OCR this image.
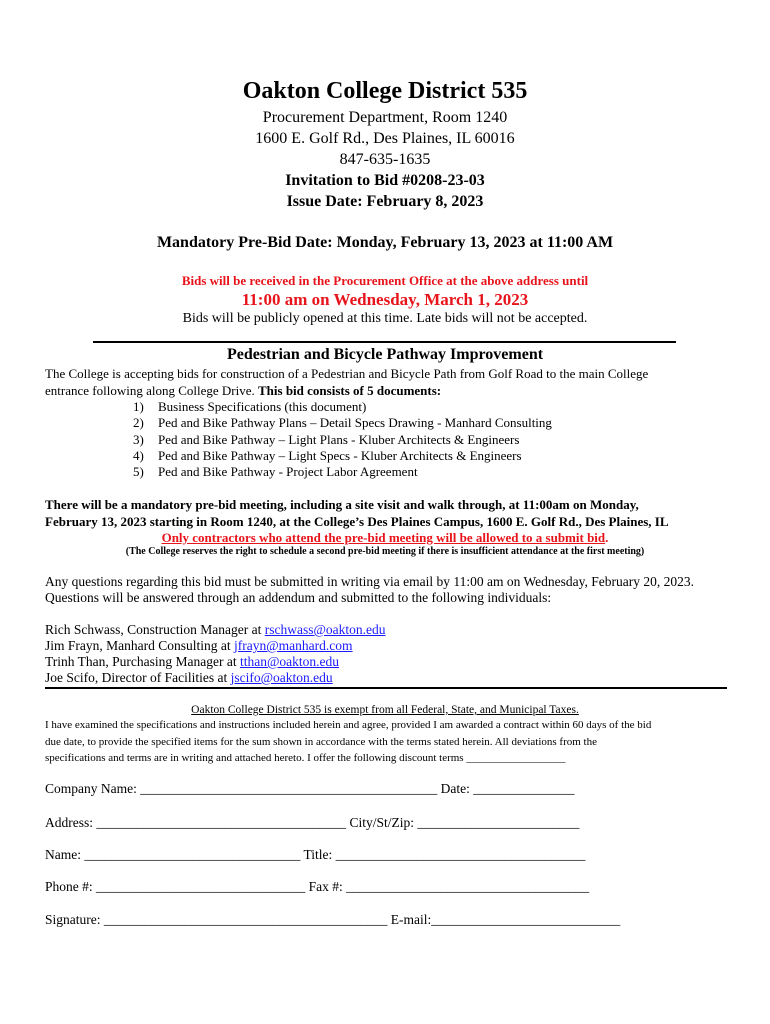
Oakton College District 535
Procurement Department, Room 1240
1600 E. Golf Rd., Des Plaines, IL 60016
847-635-1635
Invitation to Bid #0208-23-03
Issue Date: February 8, 2023
Mandatory Pre-Bid Date: Monday, February 13, 2023 at 11:00 AM
Bids will be received in the Procurement Office at the above address until
11:00 am on Wednesday, March 1, 2023
Bids will be publicly opened at this time. Late bids will not be accepted.
Pedestrian and Bicycle Pathway Improvement
The College is accepting bids for construction of a Pedestrian and Bicycle Path from Golf Road to the main College
entrance following along College Drive. This bid consists of 5 documents:
1) Business Specifications (this document)
2) Ped and Bike Pathway Plans – Detail Specs Drawing - Manhard Consulting
3) Ped and Bike Pathway – Light Plans - Kluber Architects & Engineers
4) Ped and Bike Pathway – Light Specs - Kluber Architects & Engineers
5) Ped and Bike Pathway - Project Labor Agreement
There will be a mandatory pre-bid meeting, including a site visit and walk through, at 11:00am on Monday,
February 13, 2023 starting in Room 1240, at the College’s Des Plaines Campus, 1600 E. Golf Rd., Des Plaines, IL
Only contractors who attend the pre-bid meeting will be allowed to a submit bid.
(The College reserves the right to schedule a second pre-bid meeting if there is insufficient attendance at the first meeting)
Any questions regarding this bid must be submitted in writing via email by 11:00 am on Wednesday, February 20, 2023.
Questions will be answered through an addendum and submitted to the following individuals:
Rich Schwass, Construction Manager at rschwass@oakton.edu
Jim Frayn, Manhard Consulting at jfrayn@manhard.com
Trinh Than, Purchasing Manager at tthan@oakton.edu
Joe Scifo, Director of Facilities at jscifo@oakton.edu
Oakton College District 535 is exempt from all Federal, State, and Municipal Taxes.
I have examined the specifications and instructions included herein and agree, provided I am awarded a contract within 60 days of the bid
due date, to provide the specified items for the sum shown in accordance with the terms stated herein. All deviations from the
specifications and terms are in writing and attached hereto. I offer the following discount terms __________________
Company Name: ____________________________________________ Date: _______________
Address: _____________________________________ City/St/Zip: ________________________
Name: ________________________________ Title: _____________________________________
Phone #: _______________________________ Fax #: ____________________________________
Signature: __________________________________________ E-mail:____________________________
